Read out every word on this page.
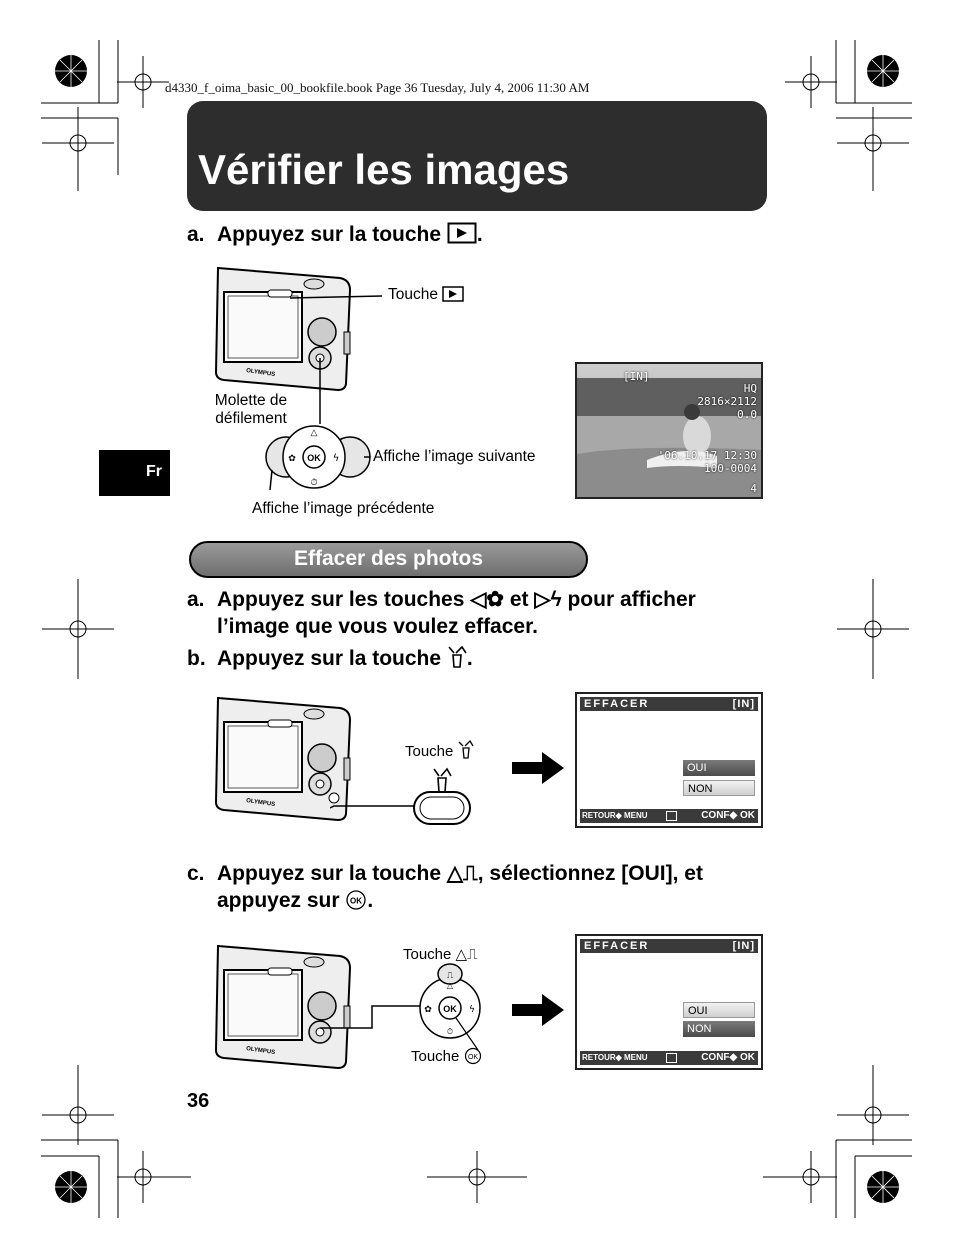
d4330_f_oima_basic_00_bookfile.book Page 36 Tuesday, July 4, 2006 11:30 AM
Vérifier les images
a. Appuyez sur la touche .
OLYMPUS
Touche
Molette de
défilement
OK
△
⏱
✿	ϟ Affiche l’image suivante
Affiche l’image précédente
[IN]
HQ
2816×2112
0.0
'06.10.17 12:30
100-0004
4
Fr
Effacer des photos
a. Appuyez sur les touches ◁✿ et ▷ϟ pour afficher
l’image que vous voulez effacer.
b. Appuyez sur la touche .
OLYMPUS
Touche
EFFACER	[IN]
OUI
NON
RETOUR◆ MENU	CONF◆ OK
c. Appuyez sur la touche △⎍, sélectionnez [OUI], et
appuyez sur OK .
OLYMPUS
⎍
OK
△
⏱
✿	ϟ
Touche △⎍
Touche OK
EFFACER	[IN]
OUI
NON
RETOUR◆ MENU	CONF◆ OK
36
